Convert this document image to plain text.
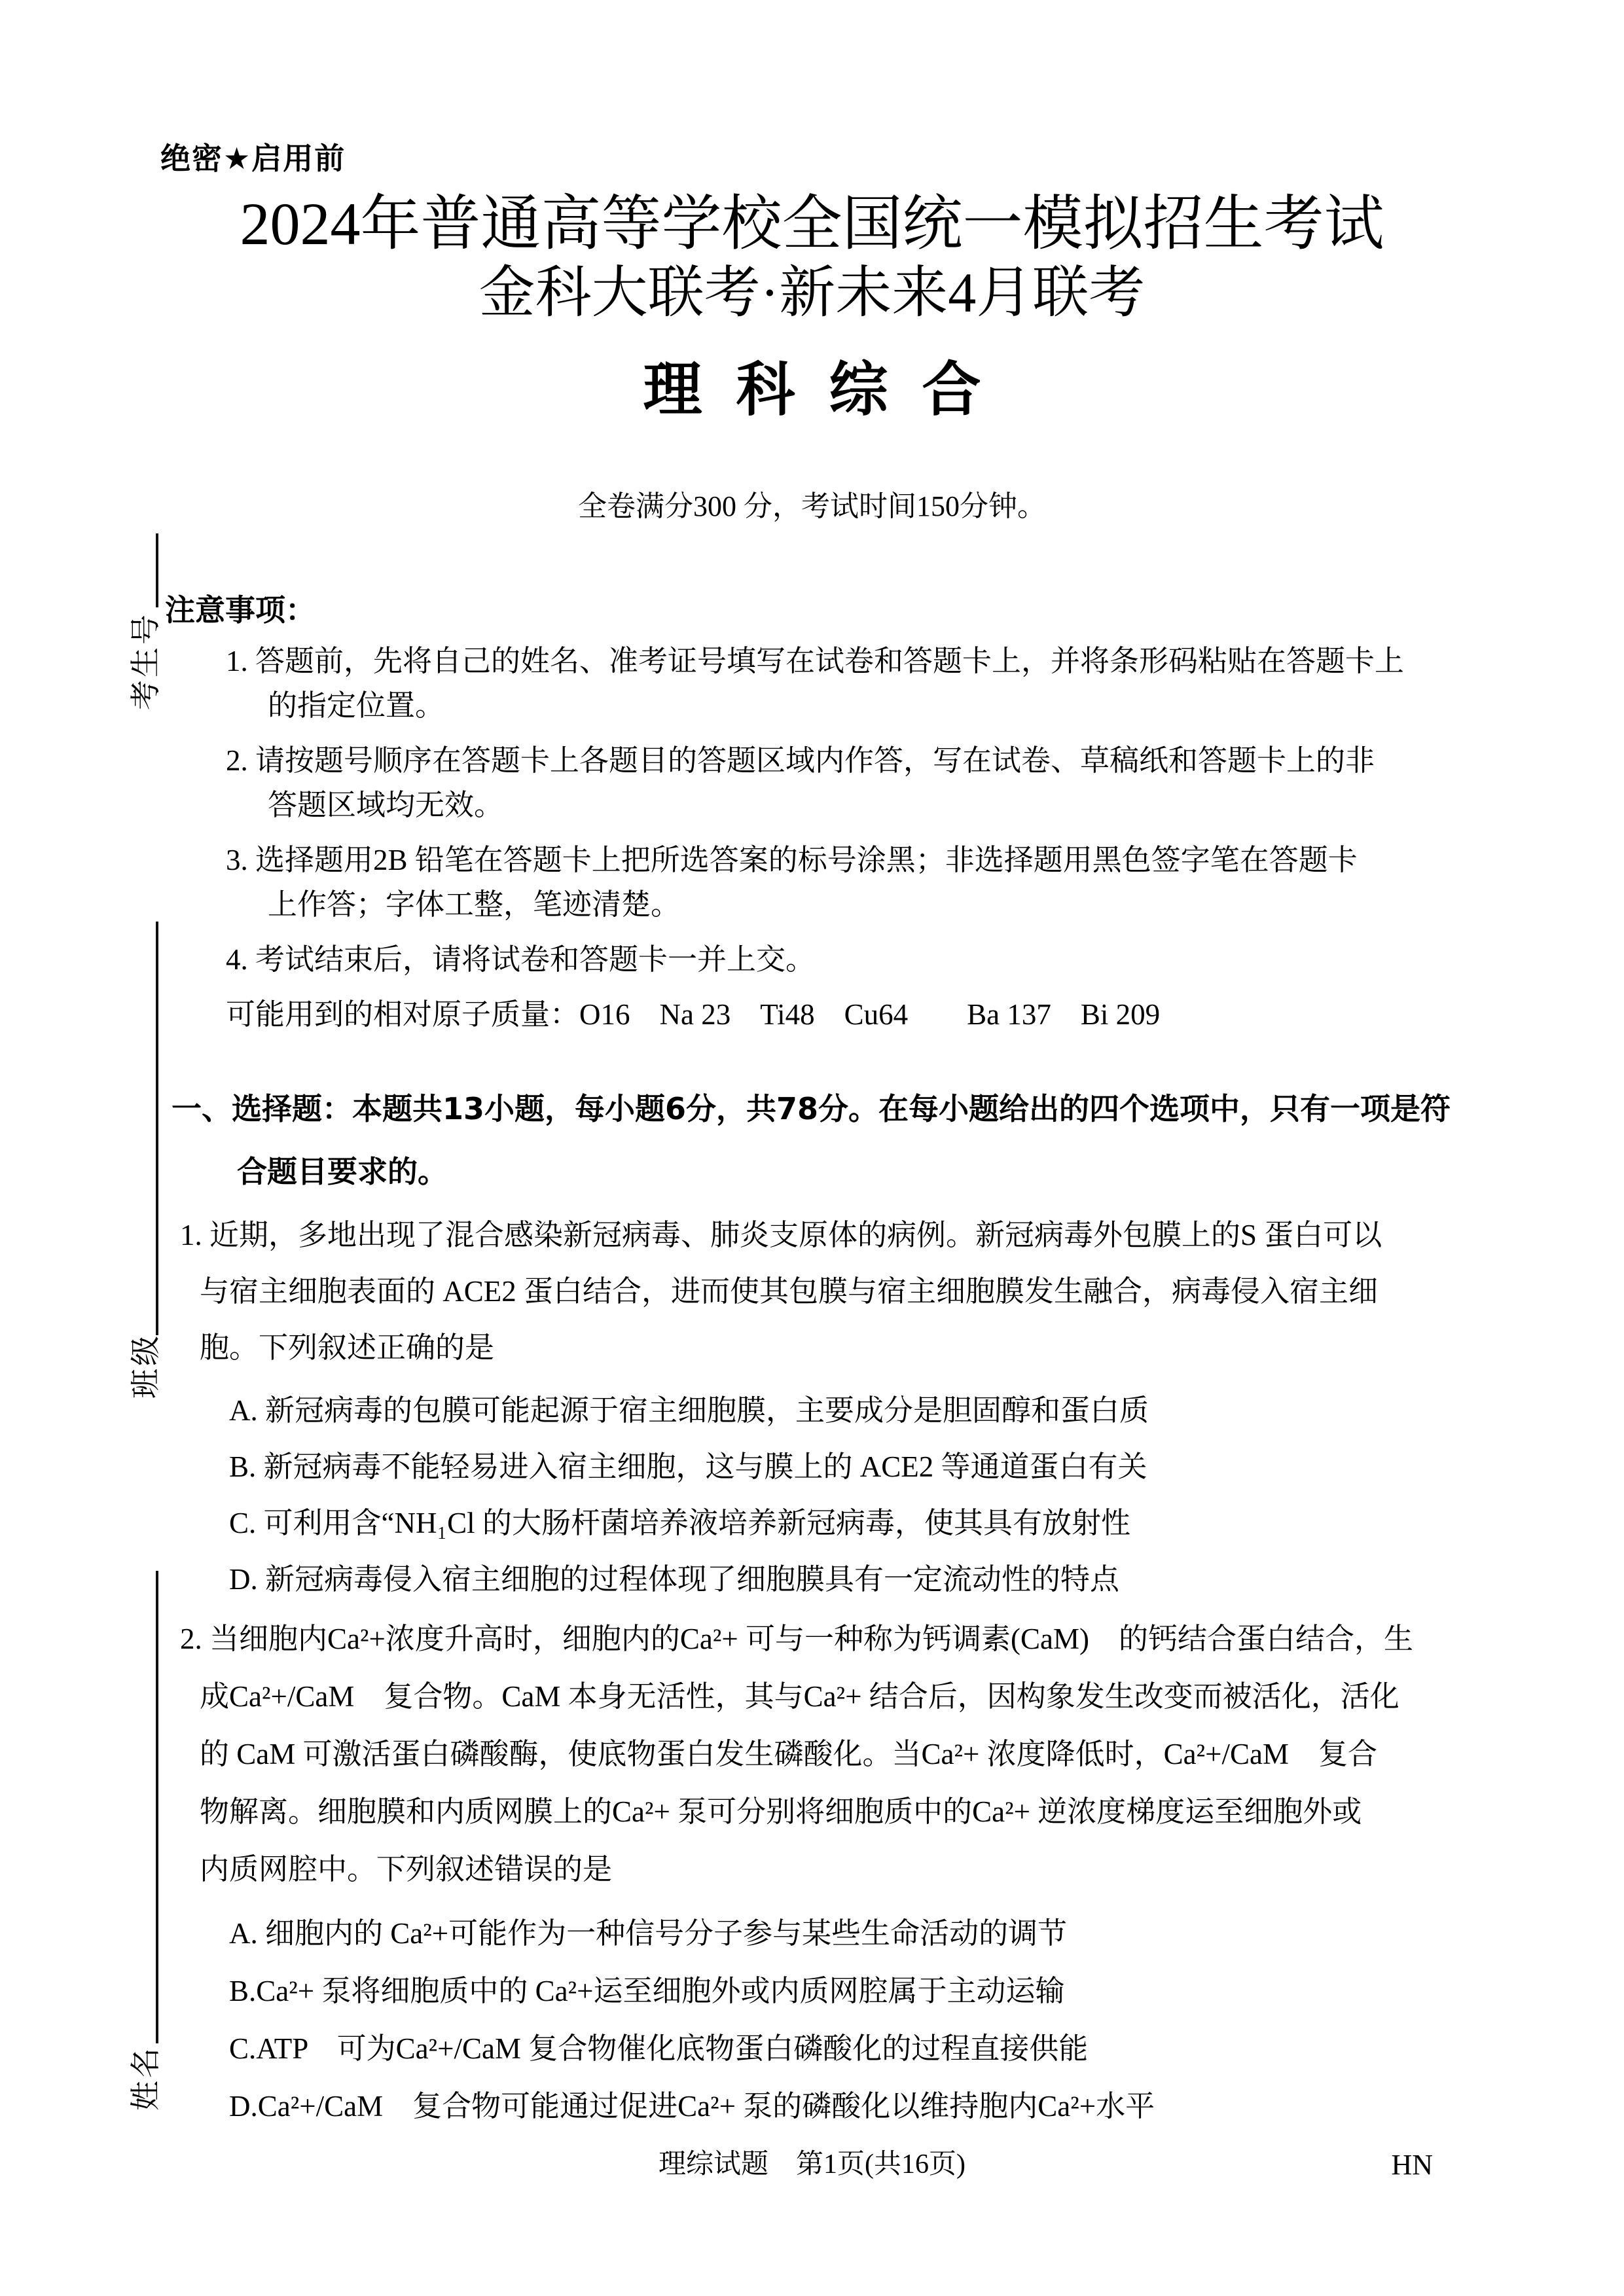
考生号
班级
姓名
绝密★启用前
2024年普通高等学校全国统一模拟招生考试
金科大联考·新未来4月联考
理科综合
全卷满分300 分，考试时间150分钟。
注意事项：
1. 答题前，先将自己的姓名、准考证号填写在试卷和答题卡上，并将条形码粘贴在答题卡上
的指定位置。
2. 请按题号顺序在答题卡上各题目的答题区域内作答，写在试卷、草稿纸和答题卡上的非
答题区域均无效。
3. 选择题用2B 铅笔在答题卡上把所选答案的标号涂黑；非选择题用黑色签字笔在答题卡
上作答；字体工整，笔迹清楚。
4. 考试结束后，请将试卷和答题卡一并上交。
可能用到的相对原子质量：O16　Na 23　Ti48　Cu64　　Ba 137　Bi 209
一、选择题：本题共13小题，每小题6分，共78分。在每小题给出的四个选项中，只有一项是符
合题目要求的。
1. 近期，多地出现了混合感染新冠病毒、肺炎支原体的病例。新冠病毒外包膜上的S 蛋白可以
与宿主细胞表面的 ACE2 蛋白结合，进而使其包膜与宿主细胞膜发生融合，病毒侵入宿主细
胞。下列叙述正确的是
A. 新冠病毒的包膜可能起源于宿主细胞膜，主要成分是胆固醇和蛋白质
B. 新冠病毒不能轻易进入宿主细胞，这与膜上的 ACE2 等通道蛋白有关
C. 可利用含“NH₁Cl 的大肠杆菌培养液培养新冠病毒，使其具有放射性
D. 新冠病毒侵入宿主细胞的过程体现了细胞膜具有一定流动性的特点
2. 当细胞内Ca²+浓度升高时，细胞内的Ca²+ 可与一种称为钙调素(CaM)　的钙结合蛋白结合，生
成Ca²+/CaM　复合物。CaM 本身无活性，其与Ca²+ 结合后，因构象发生改变而被活化，活化
的 CaM 可激活蛋白磷酸酶，使底物蛋白发生磷酸化。当Ca²+ 浓度降低时，Ca²+/CaM　复合
物解离。细胞膜和内质网膜上的Ca²+ 泵可分别将细胞质中的Ca²+ 逆浓度梯度运至细胞外或
内质网腔中。下列叙述错误的是
A. 细胞内的 Ca²+可能作为一种信号分子参与某些生命活动的调节
B.Ca²+ 泵将细胞质中的 Ca²+运至细胞外或内质网腔属于主动运输
C.ATP　可为Ca²+/CaM 复合物催化底物蛋白磷酸化的过程直接供能
D.Ca²+/CaM　复合物可能通过促进Ca²+ 泵的磷酸化以维持胞内Ca²+水平
理综试题　第1页(共16页)	HN
